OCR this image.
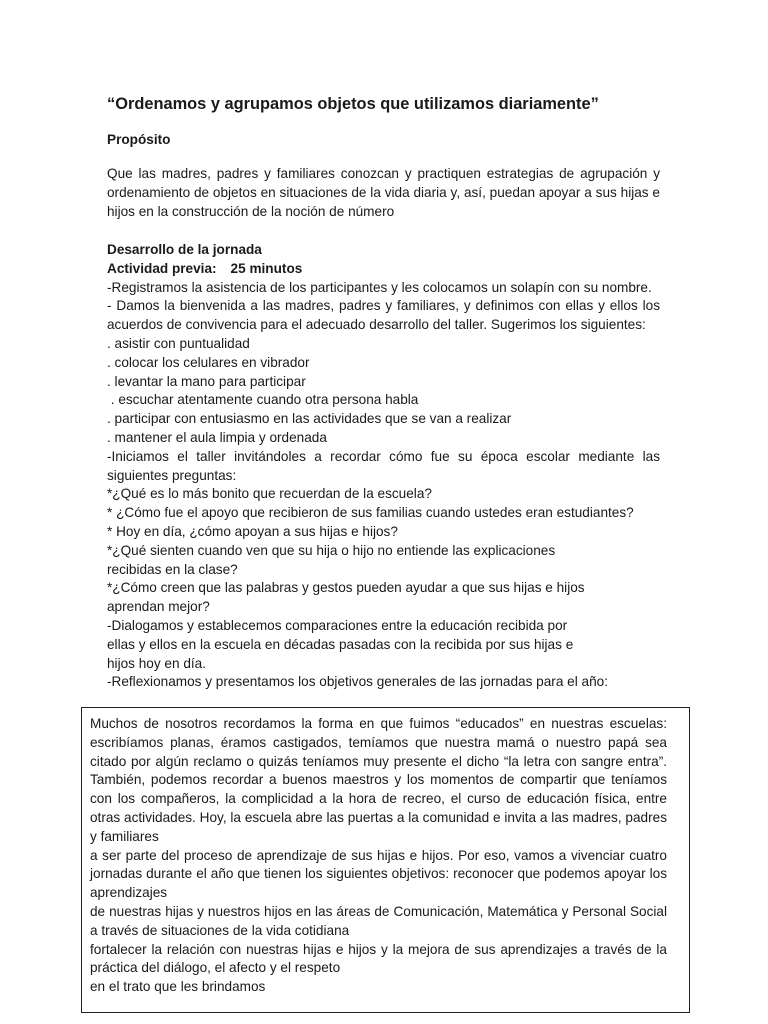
“Ordenamos y agrupamos objetos que utilizamos diariamente”
Propósito
Que las madres, padres y familiares conozcan y practiquen estrategias de agrupación y ordenamiento de objetos en situaciones de la vida diaria y, así, puedan apoyar a sus hijas e hijos en la construcción de la noción de número
Desarrollo de la jornada
Actividad previa: 25 minutos
-Registramos la asistencia de los participantes y les colocamos un solapín con su nombre.
- Damos la bienvenida a las madres, padres y familiares, y definimos con ellas y ellos los acuerdos de convivencia para el adecuado desarrollo del taller. Sugerimos los siguientes:
. asistir con puntualidad
. colocar los celulares en vibrador
. levantar la mano para participar
. escuchar atentamente cuando otra persona habla
. participar con entusiasmo en las actividades que se van a realizar
. mantener el aula limpia y ordenada
-Iniciamos el taller invitándoles a recordar cómo fue su época escolar mediante las siguientes preguntas:
*¿Qué es lo más bonito que recuerdan de la escuela?
* ¿Cómo fue el apoyo que recibieron de sus familias cuando ustedes eran estudiantes?
* Hoy en día, ¿cómo apoyan a sus hijas e hijos?
*¿Qué sienten cuando ven que su hija o hijo no entiende las explicaciones
recibidas en la clase?
*¿Cómo creen que las palabras y gestos pueden ayudar a que sus hijas e hijos
aprendan mejor?
-Dialogamos y establecemos comparaciones entre la educación recibida por
ellas y ellos en la escuela en décadas pasadas con la recibida por sus hijas e
hijos hoy en día.
-Reflexionamos y presentamos los objetivos generales de las jornadas para el año:
Muchos de nosotros recordamos la forma en que fuimos “educados” en nuestras escuelas: escribíamos planas, éramos castigados, temíamos que nuestra mamá o nuestro papá sea citado por algún reclamo o quizás teníamos muy presente el dicho “la letra con sangre entra”. También, podemos recordar a buenos maestros y los momentos de compartir que teníamos con los compañeros, la complicidad a la hora de recreo, el curso de educación física, entre otras actividades. Hoy, la escuela abre las puertas a la comunidad e invita a las madres, padres y familiares
a ser parte del proceso de aprendizaje de sus hijas e hijos. Por eso, vamos a vivenciar cuatro jornadas durante el año que tienen los siguientes objetivos: reconocer que podemos apoyar los aprendizajes
de nuestras hijas y nuestros hijos en las áreas de Comunicación, Matemática y Personal Social a través de situaciones de la vida cotidiana
fortalecer la relación con nuestras hijas e hijos y la mejora de sus aprendizajes a través de la práctica del diálogo, el afecto y el respeto
en el trato que les brindamos
